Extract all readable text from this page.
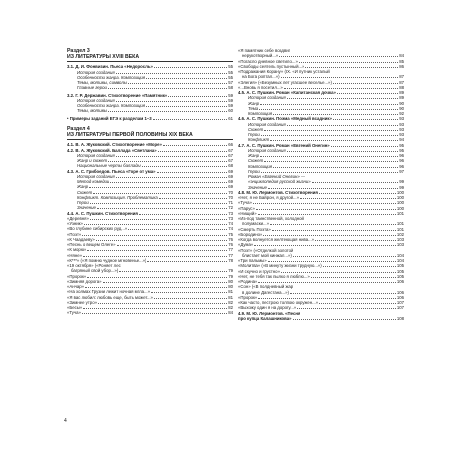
Раздел 3
ИЗ ЛИТЕРАТУРЫ XVIII ВЕКА
3.1. Д. И. Фонвизин. Пьеса «Недоросль»	55
История создания	55
Особенности жанра. Композиция	55
Темы, мотивы, символы	57
Главные герои	58
3.2. Г. Р. Державин. Стихотворение «Памятник»	59
История создания	59
Особенности жанра. Композиция	59
Темы, мотивы	60
• Примеры заданий ЕГЭ к разделам 1–3	61
Раздел 4
ИЗ ЛИТЕРАТУРЫ ПЕРВОЙ ПОЛОВИНЫ XIX ВЕКА
4.1. В. А. Жуковский. Стихотворение «Море»	66
4.2. В. А. Жуковский. Баллада «Светлана»	67
История создания	67
Жанр и сюжет	67
Национальные черты баллады	68
4.3. А. С. Грибоедов. Пьеса «Горе от ума»	69
История создания	69
Метод комедии	69
Жанр	69
Сюжет	70
Конфликт. Композиция. Проблематика	70
Герои	71
Значение	72
4.4. А. С. Пушкин. Стихотворения	73
«Деревня»	73
«Узник»	74
«Во глубине сибирских руд...»	74
«Поэт»	75
«К Чаадаеву»	76
«Песнь о вещем Олеге»	76
«К морю»	77
«Няне»	77
«К***» («Я помню чудное мгновенье...»)	78
«19 октября» («Роняет лес
багряный свой убор...»)	79
«Пророк»	79
«Зимняя дорога»	80
«Анчар»	80
«На холмах Грузии лежит ночная мгла...»	81
«Я вас любил: любовь еще, быть может...»	81
«Зимнее утро»	82
«Бесы»	82
«Туча»	84
«Я памятник себе воздвиг
нерукотворный...»	84
«Погасло дневное светило...»	85
«Свободы сеятель пустынный...»	86
«Подражания Корану» (IX. «И путник усталый
на Бога роптал...»)	87
«Элегия» («Безумных лет угасшее веселье...»)	87
«...Вновь я посетил...»	88
4.5. А. С. Пушкин. Роман «Капитанская дочка»	89
История создания	89
Жанр	90
Тема	90
Композиция	92
4.6. А. С. Пушкин. Поэма «Медный всадник»	93
История создания	93
Сюжет	93
Герои	93
Конфликт	94
4.7. А. С. Пушкин. Роман «Евгений Онегин»	95
История создания	95
Жанр	96
Сюжет	96
Композиция	96
Герои	97
Роман «Евгений Онегин» —
«энциклопедия русской жизни»	99
Значение	99
4.8. М. Ю. Лермонтов. Стихотворения	100
«Нет, я не Байрон, я другой...»	100
«Туча»	100
«Парус»	100
«Нищий»	101
«Из-под таинственной, холодной
полумаски...»	101
«Смерть Поэта»	101
«Бородино»	102
«Когда волнуется желтеющая нива...»	103
«Дума»	103
«Поэт» («Отделкой золотой
блистает мой кинжал...»)	104
«Три пальмы»	104
«Молитва» («В минуту жизни трудную...»)	105
«И скучно и грустно»	105
«Нет, не тебя так пылко я люблю...»	105
«Родина»	106
«Сон» («В полдневный жар
в долине Дагестана...»)	106
«Пророк»	106
«Как часто, пестрою толпою окружен...»	107
«Выхожу один я на дорогу...»	107
4.9. М. Ю. Лермонтов. «Песня
про купца Калашникова»	108
4
